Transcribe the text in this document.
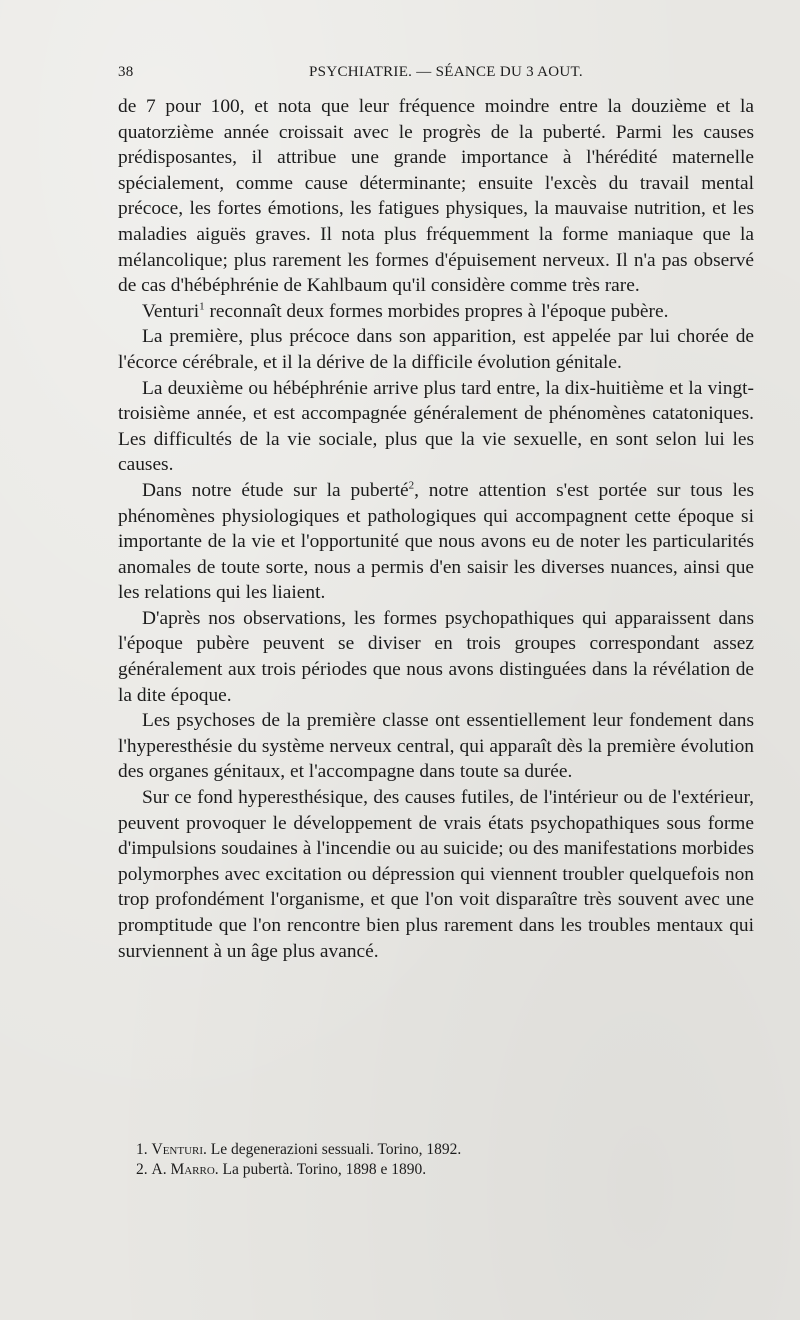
38	PSYCHIATRIE. — SÉANCE DU 3 AOUT.

de 7 pour 100, et nota que leur fréquence moindre entre la douzième et la quatorzième année croissait avec le progrès de la puberté. Parmi les causes prédisposantes, il attribue une grande importance à l'hérédité maternelle spécialement, comme cause déterminante; ensuite l'excès du travail mental précoce, les fortes émotions, les fatigues physiques, la mauvaise nutrition, et les maladies aiguës graves. Il nota plus fréquemment la forme maniaque que la mélancolique; plus rarement les formes d'épuisement nerveux. Il n'a pas observé de cas d'hébéphrénie de Kahlbaum qu'il considère comme très rare.

Venturi$^1$ reconnaît deux formes morbides propres à l'époque pubère.

La première, plus précoce dans son apparition, est appelée par lui chorée de l'écorce cérébrale, et il la dérive de la difficile évolution génitale.

La deuxième ou hébéphrénie arrive plus tard entre, la dix-huitième et la vingt-troisième année, et est accompagnée généralement de phénomènes catatoniques. Les difficultés de la vie sociale, plus que la vie sexuelle, en sont selon lui les causes.

Dans notre étude sur la puberté$^2$, notre attention s'est portée sur tous les phénomènes physiologiques et pathologiques qui accompagnent cette époque si importante de la vie et l'opportunité que nous avons eu de noter les particularités anomales de toute sorte, nous a permis d'en saisir les diverses nuances, ainsi que les relations qui les liaient.

D'après nos observations, les formes psychopathiques qui apparaissent dans l'époque pubère peuvent se diviser en trois groupes correspondant assez généralement aux trois périodes que nous avons distinguées dans la révélation de la dite époque.

Les psychoses de la première classe ont essentiellement leur fondement dans l'hyperesthésie du système nerveux central, qui apparaît dès la première évolution des organes génitaux, et l'accompagne dans toute sa durée.

Sur ce fond hyperesthésique, des causes futiles, de l'intérieur ou de l'extérieur, peuvent provoquer le développement de vrais états psychopathiques sous forme d'impulsions soudaines à l'incendie ou au suicide; ou des manifestations morbides polymorphes avec excitation ou dépression qui viennent troubler quelquefois non trop profondément l'organisme, et que l'on voit disparaître très souvent avec une promptitude que l'on rencontre bien plus rarement dans les troubles mentaux qui surviennent à un âge plus avancé.

1. Venturi. Le degenerazioni sessuali. Torino, 1892.

2. A. Marro. La pubertà. Torino, 1898 e 1890.
